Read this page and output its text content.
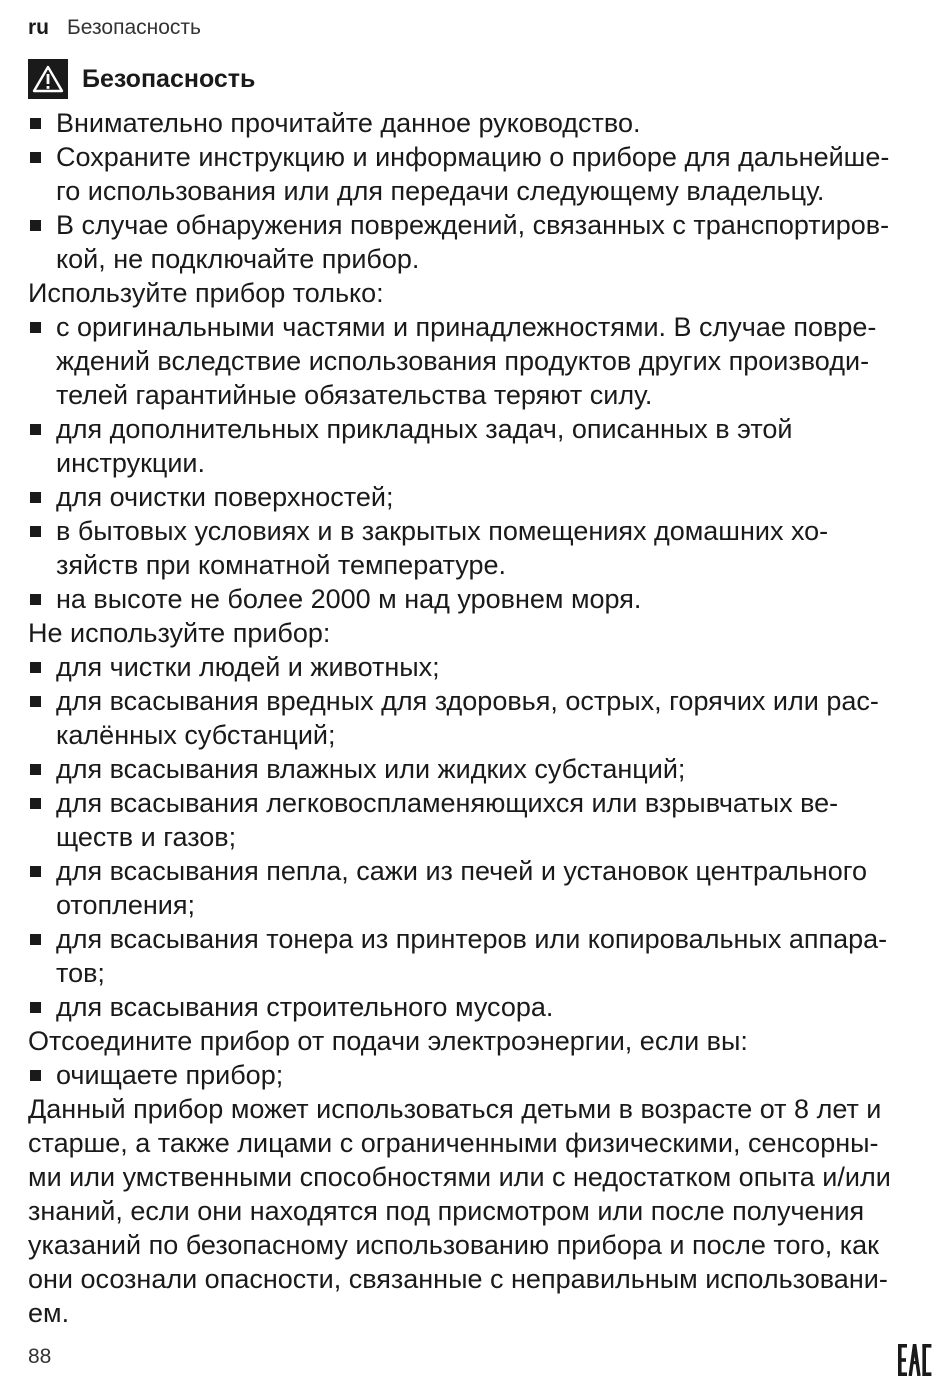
ru Безопасность
Безопасность
Внимательно прочитайте данное руководство.
Сохраните инструкцию и информацию о приборе для дальнейше-
го использования или для передачи следующему владельцу.
В случае обнаружения повреждений, связанных с транспортиров-
кой, не подключайте прибор.
Используйте прибор только:
с оригинальными частями и принадлежностями. В случае повре-
ждений вследствие использования продуктов других производи-
телей гарантийные обязательства теряют силу.
для дополнительных прикладных задач, описанных в этой
инструкции.
для очистки поверхностей;
в бытовых условиях и в закрытых помещениях домашних хо-
зяйств при комнатной температуре.
на высоте не более 2000 м над уровнем моря.
Не используйте прибор:
для чистки людей и животных;
для всасывания вредных для здоровья, острых, горячих или рас-
калённых субстанций;
для всасывания влажных или жидких субстанций;
для всасывания легковоспламеняющихся или взрывчатых ве-
ществ и газов;
для всасывания пепла, сажи из печей и установок центрального
отопления;
для всасывания тонера из принтеров или копировальных аппара-
тов;
для всасывания строительного мусора.
Отсоедините прибор от подачи электроэнергии, если вы:
очищаете прибор;
Данный прибор может использоваться детьми в возрасте от 8 лет и
старше, а также лицами с ограниченными физическими, сенсорны-
ми или умственными способностями или с недостатком опыта и/или
знаний, если они находятся под присмотром или после получения
указаний по безопасному использованию прибора и после того, как
они осознали опасности, связанные с неправильным использовани-
ем.
88
